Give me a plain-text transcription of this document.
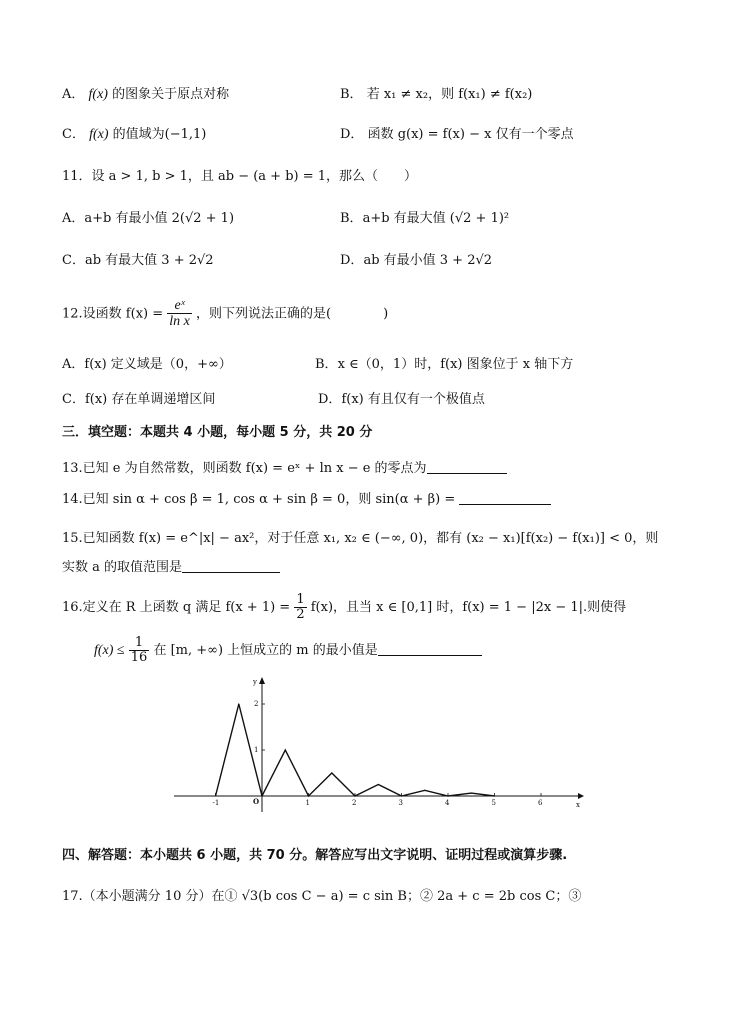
A． f(x) 的图象关于原点对称	B． 若 x₁ ≠ x₂，则 f(x₁) ≠ f(x₂)
C． f(x) 的值域为(−1,1)	D． 函数 g(x) = f(x) − x 仅有一个零点
11．设 a > 1, b > 1，且 ab − (a + b) = 1，那么（　　）
A．a+b 有最小值 2(√2 + 1)	B．a+b 有最大值 (√2 + 1)²
C．ab 有最大值 3 + 2√2	D．ab 有最小值 3 + 2√2
12.设函数 $f(x) = \frac{\text{eˣ}}{\text{ln x}}$ ，则下列说法正确的是(　　　　)
A．f(x) 定义域是（0，+∞）	B．x ∈（0，1）时，f(x) 图象位于 x 轴下方
C．f(x) 存在单调递增区间	D．f(x) 有且仅有一个极值点
三．填空题：本题共 4 小题，每小题 5 分，共 20 分
13.已知 e 为自然常数，则函数 f(x) = eˣ + ln x − e 的零点为
14.已知 sin α + cos β = 1, cos α + sin β = 0，则 sin(α + β) =
15.已知函数 f(x) = e^|x| − ax²，对于任意 x₁, x₂ ∈ (−∞, 0)，都有 (x₂ − x₁)[f(x₂) − f(x₁)] < 0，则
实数 a 的取值范围是
16.定义在 R 上函数 q 满足 $f(x + 1) = \frac{1}{2} f(x)$，且当 x ∈ [0,1] 时，f(x) = 1 − |2x − 1|.则使得
$f(x) \le \frac{1}{16}$ 在 [m, +∞) 上恒成立的 m 的最小值是
x
y
O
-1	1	2	3	4	5	6
1
2
四、解答题：本小题共 6 小题，共 70 分。解答应写出文字说明、证明过程或演算步骤.
17.（本小题满分 10 分）在① √3(b cos C − a) = c sin B；② 2a + c = 2b cos C；③
